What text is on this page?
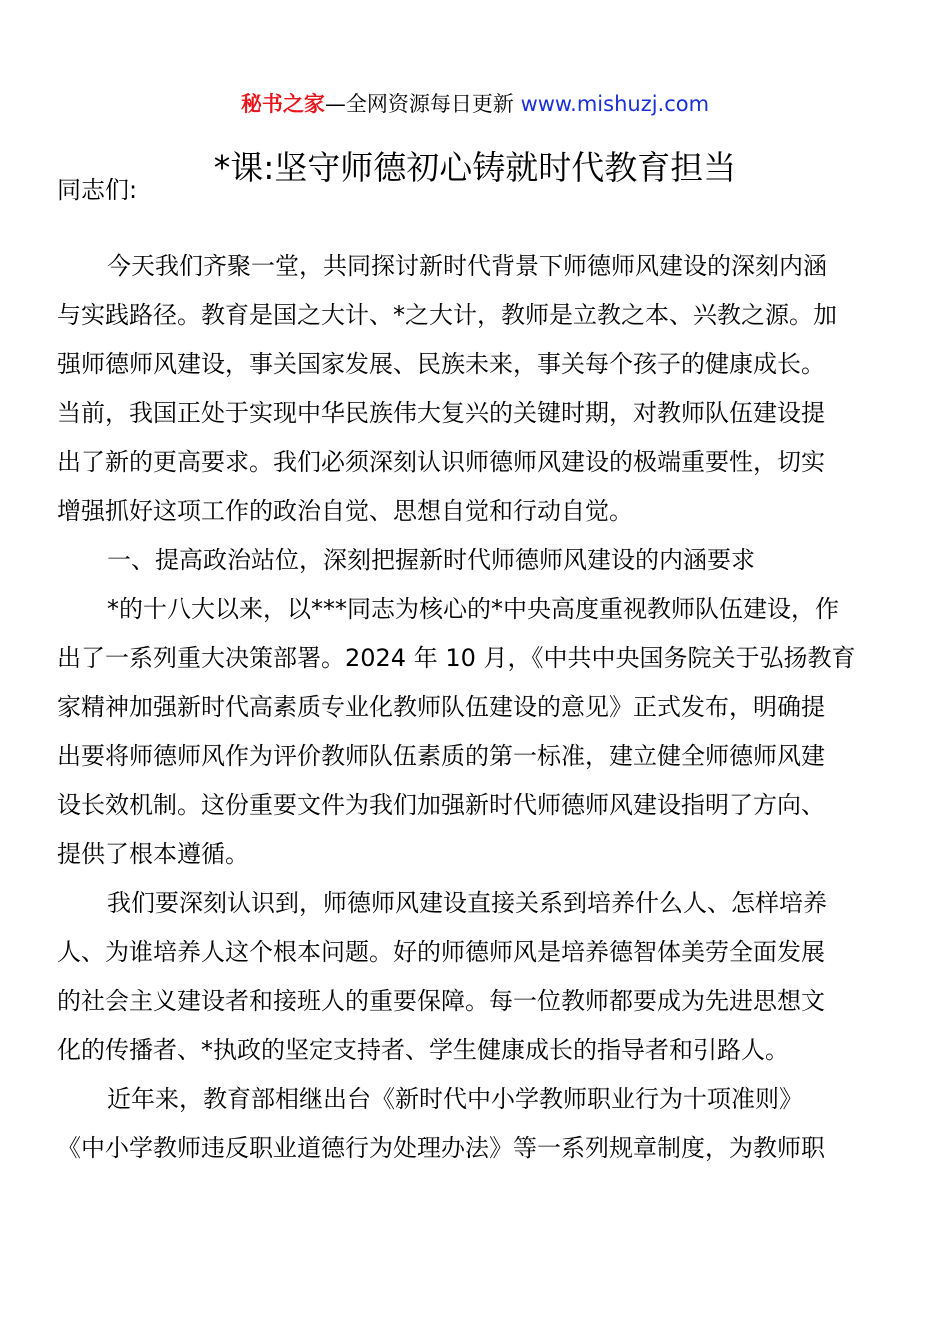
秘书之家—全网资源每日更新 www.mishuzj.com
*课:坚守师德初心铸就时代教育担当
同志们:
今天我们齐聚一堂，共同探讨新时代背景下师德师风建设的深刻内涵
与实践路径。教育是国之大计、*之大计，教师是立教之本、兴教之源。加
强师德师风建设，事关国家发展、民族未来，事关每个孩子的健康成长。
当前，我国正处于实现中华民族伟大复兴的关键时期，对教师队伍建设提
出了新的更高要求。我们必须深刻认识师德师风建设的极端重要性，切实
增强抓好这项工作的政治自觉、思想自觉和行动自觉。
一、提高政治站位，深刻把握新时代师德师风建设的内涵要求
*的十八大以来，以***同志为核心的*中央高度重视教师队伍建设，作
出了一系列重大决策部署。2024 年 10 月，《中共中央国务院关于弘扬教育
家精神加强新时代高素质专业化教师队伍建设的意见》正式发布，明确提
出要将师德师风作为评价教师队伍素质的第一标准，建立健全师德师风建
设长效机制。这份重要文件为我们加强新时代师德师风建设指明了方向、
提供了根本遵循。
我们要深刻认识到，师德师风建设直接关系到培养什么人、怎样培养
人、为谁培养人这个根本问题。好的师德师风是培养德智体美劳全面发展
的社会主义建设者和接班人的重要保障。每一位教师都要成为先进思想文
化的传播者、*执政的坚定支持者、学生健康成长的指导者和引路人。
近年来，教育部相继出台《新时代中小学教师职业行为十项准则》
《中小学教师违反职业道德行为处理办法》等一系列规章制度，为教师职
